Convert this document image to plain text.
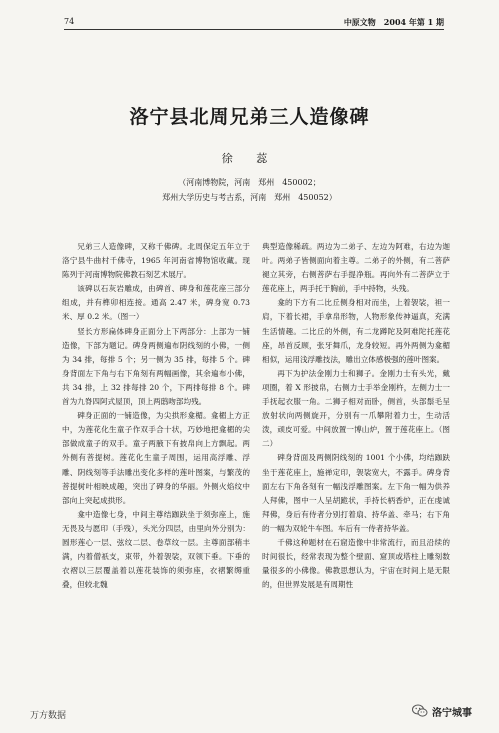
74	中原文物　2004 年第 1 期
洛宁县北周兄弟三人造像碑
徐 蕊
（河南博物院，河南　郑州　450002；
郑州大学历史与考古系，河南　郑州　450052）

兄弟三人造像碑，又称千佛碑。北周保定五年立于洛宁县牛曲村千佛寺，1965 年河南省博物馆收藏。现陈列于河南博物院佛教石刻艺术展厅。

该碑以石灰岩雕成，由碑首、碑身和莲花座三部分组成，并有榫卯相连接。通高 2.47 米，碑身宽 0.73 米、厚 0.2 米。（图一）

竖长方形扁体碑身正面分上下两部分：上部为一铺造像，下部为题记。碑身两侧遍布阴线刻的小佛，一侧为 34 排，每排 5 个；另一侧为 35 排，每排 5 个。碑身背面左下角与右下角刻有两幅画像，其余遍布小佛，共 34 排，上 32 排每排 20 个，下两排每排 8 个。碑首为九脊四阿式屋顶，顶上两鸱吻部均残。

碑身正面的一铺造像，为尖拱形龛楣。龛楣上方正中，为莲花化生童子作双手合十状，巧妙地把龛楣的尖部做成童子的双手。童子两腋下有披帛向上方飘起。两外侧有菩提树。莲花化生童子周围，运用高浮雕、浮雕、阴线刻等手法雕出变化多样的莲叶图案，与繁茂的菩提树叶相映成趣，突出了碑身的华丽。外侧火焰纹中部向上突起成拱形。

龛中造像七身，中间主尊结跏趺坐于须弥座上，施无畏及与愿印（手残），头光分四层，由里向外分别为：圆形莲心一层、弦纹二层、卷草纹一层。主尊面部稍丰满，内着僧祇支，束带，外着袈裟，双领下垂。下垂的衣褶以三层覆盖着以莲花装饰的须弥座，衣褶繁缛重叠，但较北魏

典型造像稀疏。两边为二弟子、左边为阿难，右边为迦叶。两弟子皆侧面向着主尊。二弟子的外侧，有二菩萨褪立其旁，右侧菩萨右手提净瓶。再向外有二菩萨立于莲花座上，两手托于胸前，手中持物，头残。

龛的下方有二比丘侧身相对而坐，上着袈裟，袒一肩，下着长裙，手拿帛形物，人物形象传神逼真，充满生活情趣。二比丘的外侧，有二龙蹲陀及阿难陀托莲花座，昂首反顾，张牙舞爪，龙身较短。再外两侧为龛楣相似，运用浅浮雕技法，雕出立体感极强的莲叶图案。

再下为护法金刚力士和狮子。金刚力士有头光，戴项圈，着 X 形披帛，右侧力士手举金刚杵，左侧力士一手抚起衣服一角。二狮子相对而卧，侧首，头部鬃毛呈放射状向两侧旋开，分别有一爪攀附着力士，生动活泼，顽皮可爱。中间放置一博山炉，置于莲花座上。（图二）

碑身背面及两侧阴线刻的 1001 个小佛，均结跏趺坐于莲花座上，施禅定印，袈裟宽大，不露手。碑身背面左右下角各刻有一幅浅浮雕图案。左下角一幅为供养人拜佛，图中一人呈胡跪状，手持长柄香炉，正在虔诚拜佛，身后有侍者分别打着扇、持华盖、牵马；右下角的一幅为双轮牛车图。车后有一侍者持华盖。

千佛这种题材在石窟造像中非常流行，而且沿续的时间很长，经常表现为整个壁面、窟顶或塔柱上雕刻数量很多的小佛像。佛教思想认为，宇宙在时间上是无限的，但世界发展是有周期性

万方数据	洛宁城事
